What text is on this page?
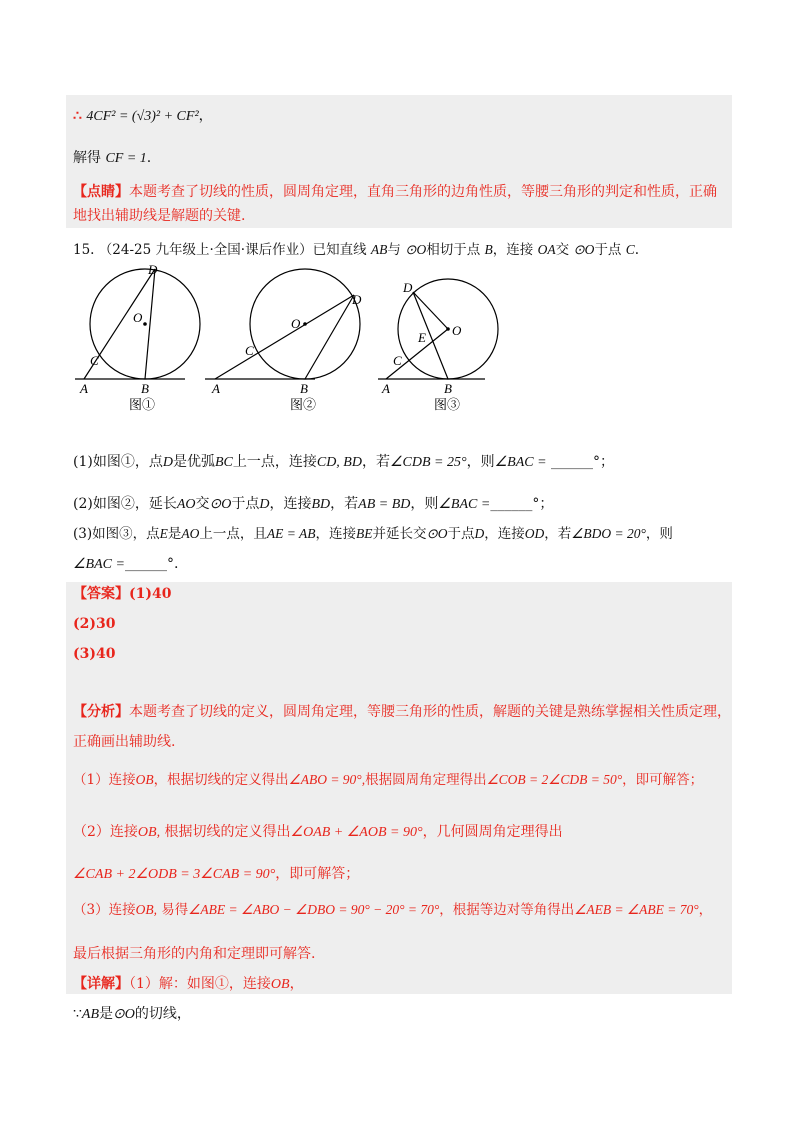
∴ 4CF² = (√3)² + CF²，
解得 CF = 1.
【点睛】本题考查了切线的性质，圆周角定理，直角三角形的边角性质，等腰三角形的判定和性质，正确
地找出辅助线是解题的关键.
15. （24-25 九年级上·全国·课后作业）已知直线 AB与 ⊙O相切于点 B，连接 OA交 ⊙O于点 C.
D
O
C
A	B
D
O
C
A	B
D
O
E
C
A	B
图①	图②	图③
(1)如图①，点D是优弧BC上一点，连接CD, BD，若∠CDB = 25°，则∠BAC = ______°；
(2)如图②，延长AO交⊙O于点D，连接BD，若AB = BD，则∠BAC =______°；
(3)如图③，点E是AO上一点，且AE = AB，连接BE并延长交⊙O于点D，连接OD，若∠BDO = 20°，则
∠BAC =______°.
【答案】(1)40
(2)30
(3)40
【分析】本题考查了切线的定义，圆周角定理，等腰三角形的性质，解题的关键是熟练掌握相关性质定理，
正确画出辅助线.
（1）连接OB，根据切线的定义得出∠ABO = 90°,根据圆周角定理得出∠COB = 2∠CDB = 50°，即可解答；
（2）连接OB, 根据切线的定义得出∠OAB + ∠AOB = 90°，几何圆周角定理得出
∠CAB + 2∠ODB = 3∠CAB = 90°，即可解答；
（3）连接OB, 易得∠ABE = ∠ABO − ∠DBO = 90° − 20° = 70°，根据等边对等角得出∠AEB = ∠ABE = 70°，
最后根据三角形的内角和定理即可解答.
【详解】（1）解：如图①，连接OB，
∵AB是⊙O的切线，
